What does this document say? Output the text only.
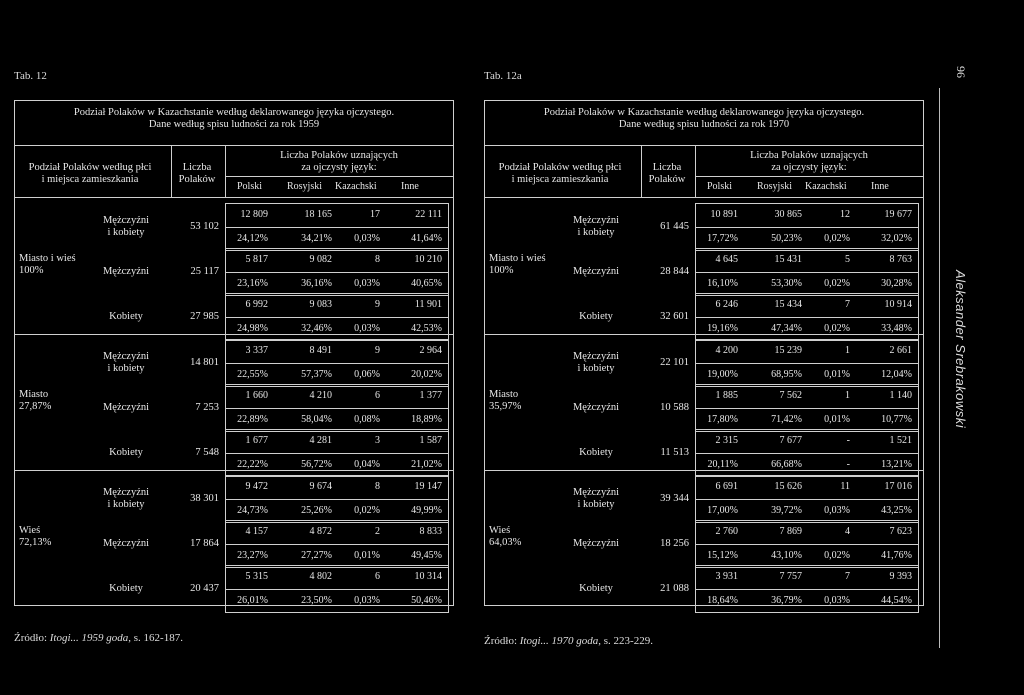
Tab. 12	Tab. 12a	96
Aleksander Srebrakowski
Podział Polaków w Kazachstanie według deklarowanego języka ojczystego.
Dane według spisu ludności za rok 1959
Podział Polaków według płci
i miejsca zamieszkania
Liczba
Polaków
Liczba Polaków uznających
za ojczysty język:
Polski Rosyjski Kazachski Inne
Miasto i wieś
100%
Mężczyźni
i kobiety
53 102
12 809	18 165	17	22 111
24,12%	34,21%	0,03%	41,64%
Mężczyźni	25 117
5 817	9 082	8	10 210
23,16%	36,16%	0,03%	40,65%
Kobiety	27 985
6 992	9 083	9	11 901
24,98%	32,46%	0,03%	42,53%
Miasto
27,87%
Mężczyźni
i kobiety
14 801
3 337	8 491	9	2 964
22,55%	57,37%	0,06%	20,02%
Mężczyźni	7 253
1 660	4 210	6	1 377
22,89%	58,04%	0,08%	18,89%
Kobiety	7 548
1 677	4 281	3	1 587
22,22%	56,72%	0,04%	21,02%
Wieś
72,13%
Mężczyźni
i kobiety
38 301
9 472	9 674	8	19 147
24,73%	25,26%	0,02%	49,99%
Mężczyźni	17 864
4 157	4 872	2	8 833
23,27%	27,27%	0,01%	49,45%
Kobiety	20 437
5 315	4 802	6	10 314
26,01%	23,50%	0,03%	50,46%
Podział Polaków w Kazachstanie według deklarowanego języka ojczystego.
Dane według spisu ludności za rok 1970
Podział Polaków według płci
i miejsca zamieszkania
Liczba
Polaków
Liczba Polaków uznających
za ojczysty język:
Polski Rosyjski Kazachski Inne
Miasto i wieś
100%
Mężczyźni
i kobiety
61 445
10 891	30 865	12	19 677
17,72%	50,23%	0,02%	32,02%
Mężczyźni	28 844
4 645	15 431	5	8 763
16,10%	53,30%	0,02%	30,28%
Kobiety	32 601
6 246	15 434	7	10 914
19,16%	47,34%	0,02%	33,48%
Miasto
35,97%
Mężczyźni
i kobiety
22 101
4 200	15 239	1	2 661
19,00%	68,95%	0,01%	12,04%
Mężczyźni	10 588
1 885	7 562	1	1 140
17,80%	71,42%	0,01%	10,77%
Kobiety	11 513
2 315	7 677	-	1 521
20,11%	66,68%	-	13,21%
Wieś
64,03%
Mężczyźni
i kobiety
39 344
6 691	15 626	11	17 016
17,00%	39,72%	0,03%	43,25%
Mężczyźni	18 256
2 760	7 869	4	7 623
15,12%	43,10%	0,02%	41,76%
Kobiety	21 088
3 931	7 757	7	9 393
18,64%	36,79%	0,03%	44,54%
Źródło: Itogi... 1959 goda, s. 162-187.	Źródło: Itogi... 1970 goda, s. 223-229.
